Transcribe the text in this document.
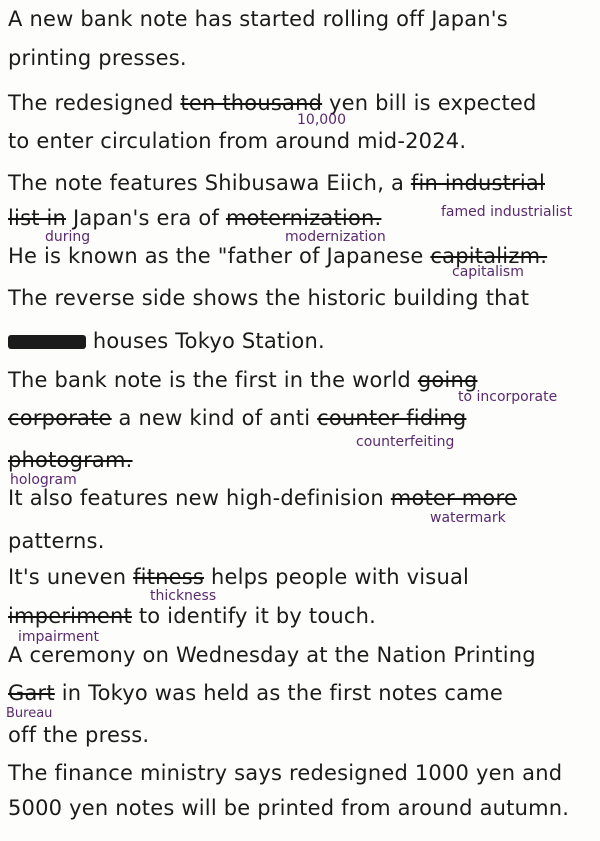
A new bank note has started rolling off Japan's
printing presses.
The redesigned ten thousand yen bill is expected
10,000
to enter circulation from around mid-2024.
The note features Shibusawa Eiich, a fin industrial
list in Japan's era of moternization.	famed industrialist
during	modernization
He is known as the "father of Japanese capitalizm.
capitalism
The reverse side shows the historic building that
houses Tokyo Station.
The bank note is the first in the world going
to incorporate
corporate a new kind of anti counter fiding
counterfeiting
photogram.
hologram
It also features new high-definision moter more
watermark
patterns.
It's uneven fitness helps people with visual
thickness
imperiment to identify it by touch.
impairment
A ceremony on Wednesday at the Nation Printing
Gart in Tokyo was held as the first notes came
Bureau
off the press.
The finance ministry says redesigned 1000 yen and
5000 yen notes will be printed from around autumn.
